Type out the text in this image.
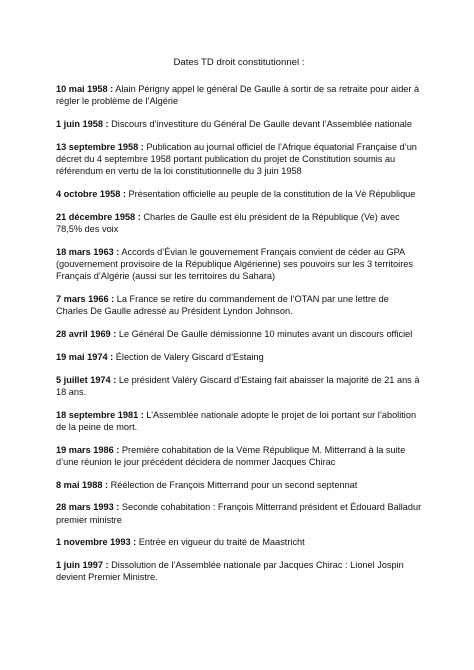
Dates TD droit constitutionnel :
10 mai 1958 : Alain Périgny appel le général De Gaulle à sortir de sa retraite pour aider à régler le problème de l’Algérie
1 juin 1958 : Discours d’investiture du Général De Gaulle devant l’Assemblée nationale
13 septembre 1958 : Publication au journal officiel de l’Afrique équatorial Française d’un décret du 4 septembre 1958 portant publication du projet de Constitution soumis au référendum en vertu de la loi constitutionnelle du 3 juin 1958
4 octobre 1958 : Présentation officielle au peuple de la constitution de la Vè République
21 décembre 1958 : Charles de Gaulle est élu président de la République (Ve) avec 78,5% des voix
18 mars 1963 : Accords d’Évian le gouvernement Français convient de céder au GPA (gouvernement provisoire de la République Algérienne) ses pouvoirs sur les 3 territoires Français d’Algérie (aussi sur les territoires du Sahara)
7 mars 1966 : La France se retire du commandement de l’OTAN par une lettre de Charles De Gaulle adressé au Président Lyndon Johnson.
28 avril 1969 : Le Général De Gaulle démissionne 10 minutes avant un discours officiel
19 mai 1974 : Élection de Valery Giscard d’Estaing
5 juillet 1974 : Le président Valéry Giscard d’Estaing fait abaisser la majorité de 21 ans à 18 ans.
18 septembre 1981 : L’Assemblée nationale adopte le projet de loi portant sur l’abolition de la peine de mort.
19 mars 1986 : Première cohabitation de la Vème République M. Mitterrand à la suite d’une réunion le jour précédent décidera de nommer Jacques Chirac
8 mai 1988 : Réélection de François Mitterrand pour un second septennat
28 mars 1993 : Seconde cohabitation : François Mitterrand président et Édouard Balladur premier ministre
1 novembre 1993 : Entrée en vigueur du traité de Maastricht
1 juin 1997 : Dissolution de l’Assemblée nationale par Jacques Chirac : Lionel Jospin devient Premier Ministre.
